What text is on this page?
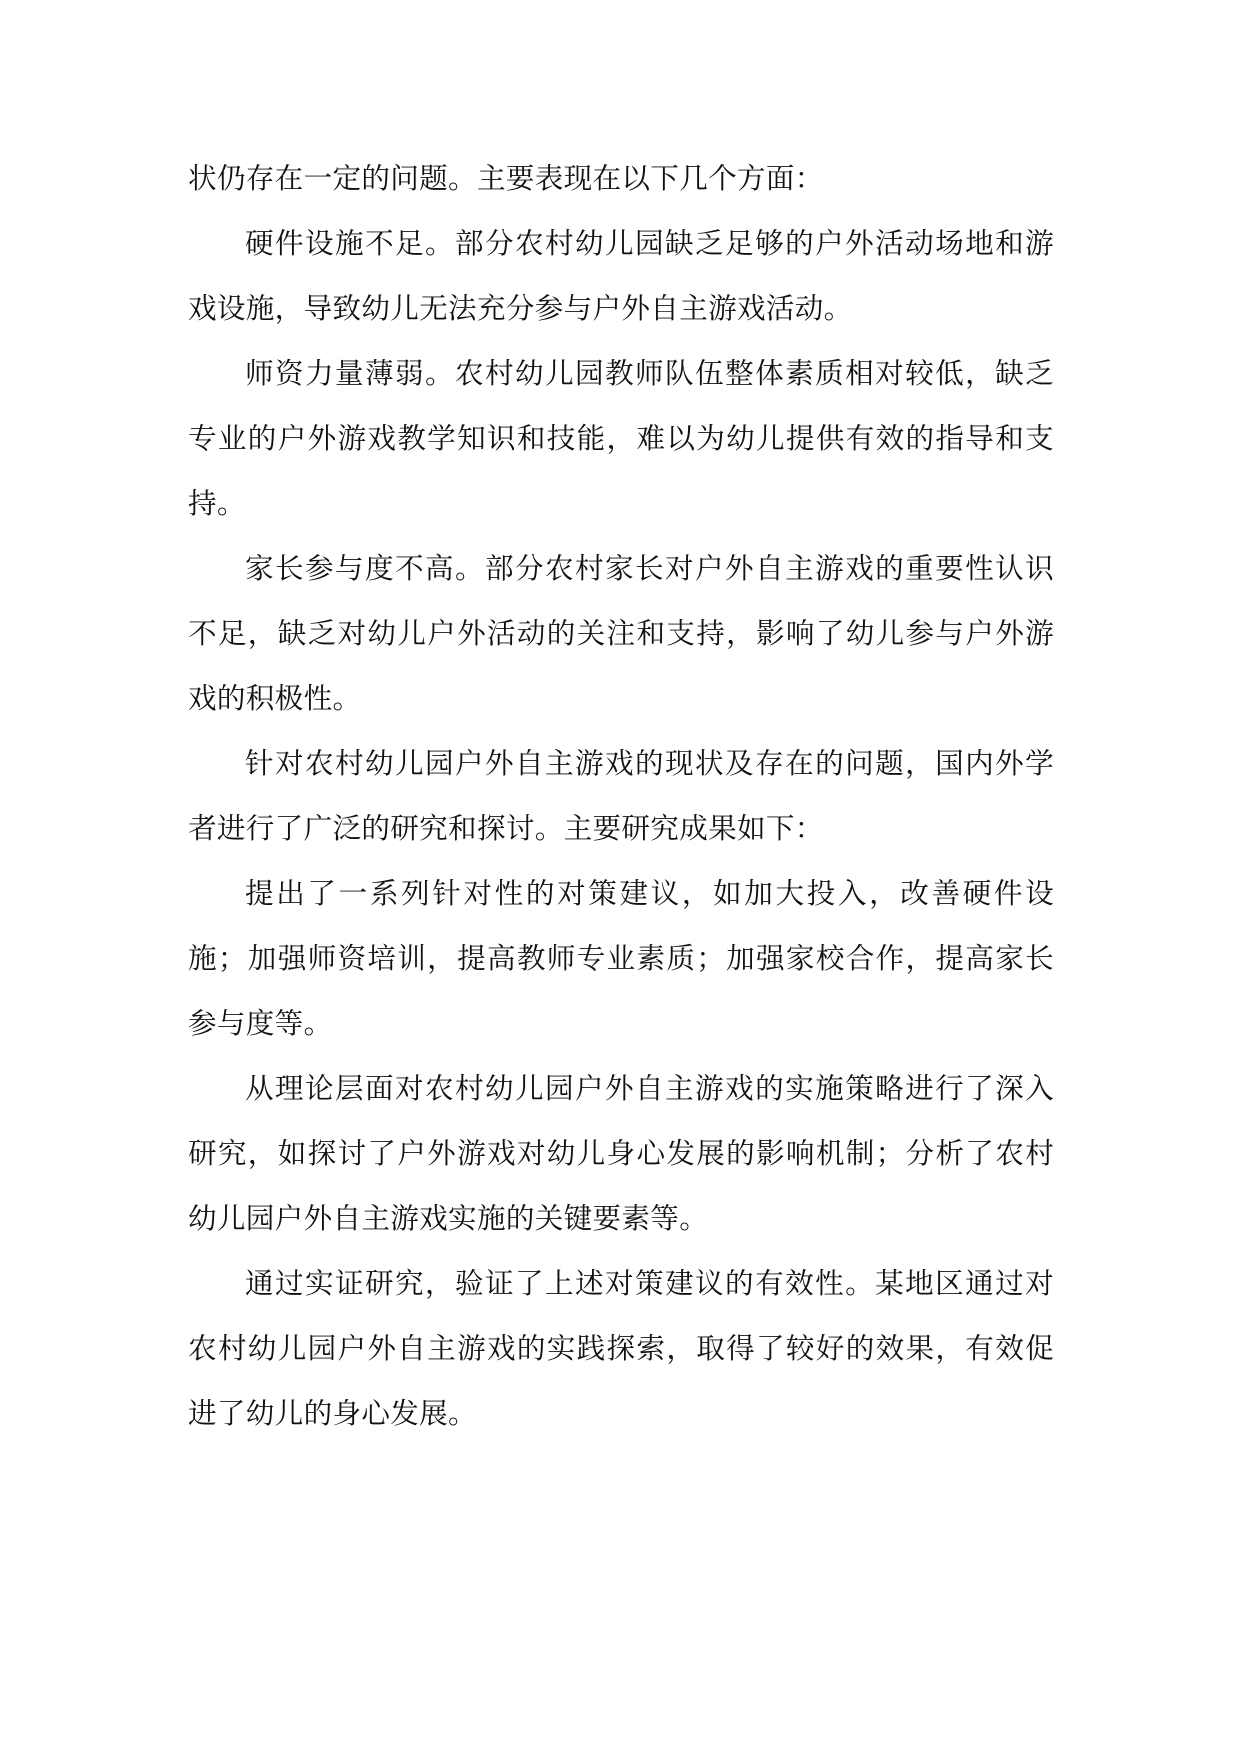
状仍存在一定的问题。主要表现在以下几个方面：

硬件设施不足。部分农村幼儿园缺乏足够的户外活动场地和游戏设施，导致幼儿无法充分参与户外自主游戏活动。

师资力量薄弱。农村幼儿园教师队伍整体素质相对较低，缺乏专业的户外游戏教学知识和技能，难以为幼儿提供有效的指导和支持。

家长参与度不高。部分农村家长对户外自主游戏的重要性认识不足，缺乏对幼儿户外活动的关注和支持，影响了幼儿参与户外游戏的积极性。

针对农村幼儿园户外自主游戏的现状及存在的问题，国内外学者进行了广泛的研究和探讨。主要研究成果如下：

提出了一系列针对性的对策建议，如加大投入，改善硬件设施；加强师资培训，提高教师专业素质；加强家校合作，提高家长参与度等。

从理论层面对农村幼儿园户外自主游戏的实施策略进行了深入研究，如探讨了户外游戏对幼儿身心发展的影响机制；分析了农村幼儿园户外自主游戏实施的关键要素等。

通过实证研究，验证了上述对策建议的有效性。某地区通过对农村幼儿园户外自主游戏的实践探索，取得了较好的效果，有效促进了幼儿的身心发展。
